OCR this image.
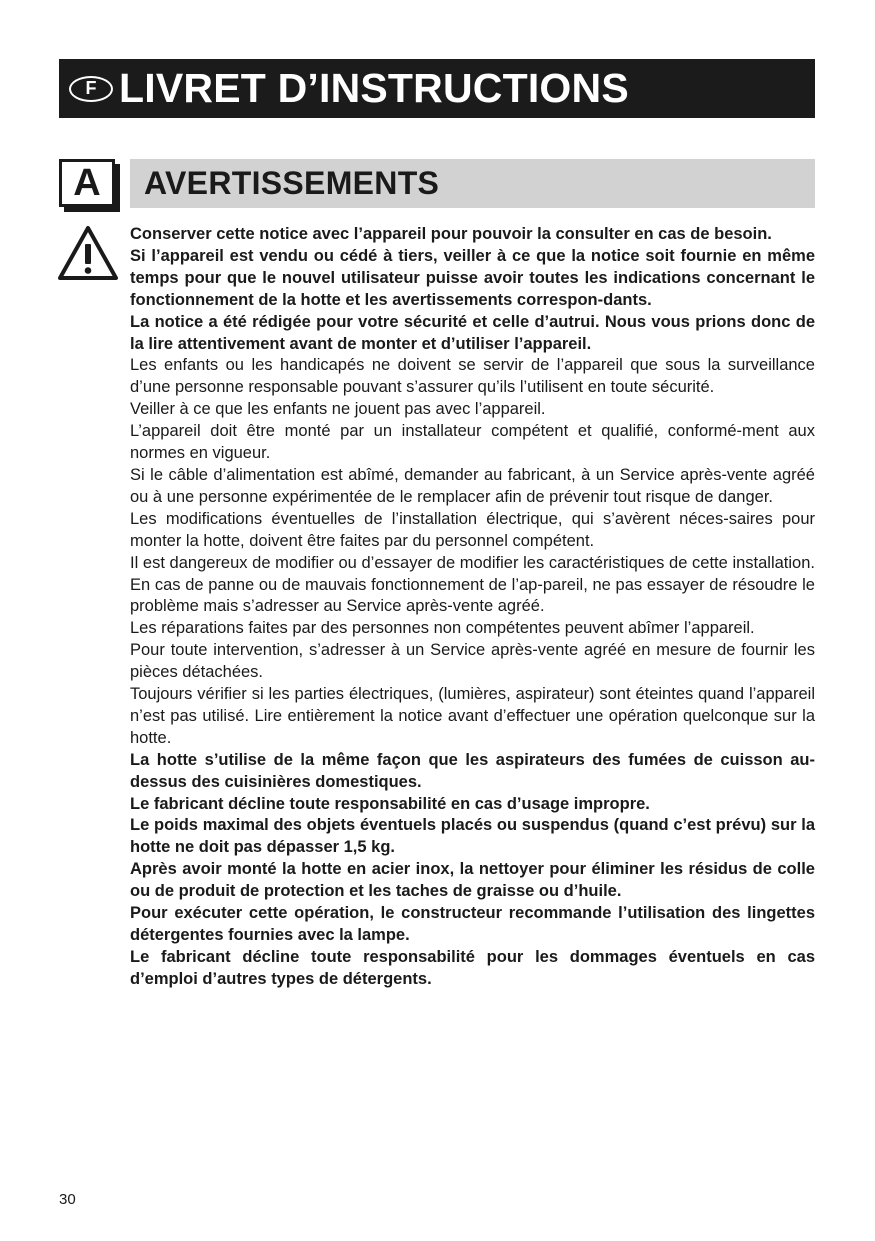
F LIVRET D’INSTRUCTIONS
A	AVERTISSEMENTS

Conserver cette notice avec l’appareil pour pouvoir la consulter en cas de besoin.

Si l’appareil est vendu ou cédé à tiers, veiller à ce que la notice soit fournie en même temps pour que le nouvel utilisateur puisse avoir toutes les indications concernant le fonctionnement de la hotte et les avertissements correspon-dants.

La notice a été rédigée pour votre sécurité et celle d’autrui. Nous vous prions donc de la lire attentivement avant de monter et d’utiliser l’appareil.

Les enfants ou les handicapés ne doivent se servir de l’appareil que sous la surveillance d’une personne responsable pouvant s’assurer qu’ils l’utilisent en toute sécurité.

Veiller à ce que les enfants ne jouent pas avec l’appareil.

L’appareil doit être monté par un installateur compétent et qualifié, conformé-ment aux normes en vigueur.

Si le câble d’alimentation est abîmé, demander au fabricant, à un Service après-vente agréé ou à une personne expérimentée de le remplacer afin de prévenir tout risque de danger.

Les modifications éventuelles de l’installation électrique, qui s’avèrent néces-saires pour monter la hotte, doivent être faites par du personnel compétent.

Il est dangereux de modifier ou d’essayer de modifier les caractéristiques de cette installation. En cas de panne ou de mauvais fonctionnement de l’ap-pareil, ne pas essayer de résoudre le problème mais s’adresser au Service après-vente agréé.

Les réparations faites par des personnes non compétentes peuvent abîmer l’appareil.

Pour toute intervention, s’adresser à un Service après-vente agréé en mesure de fournir les pièces détachées.

Toujours vérifier si les parties électriques, (lumières, aspirateur) sont éteintes quand l’appareil n’est pas utilisé. Lire entièrement la notice avant d’effectuer une opération quelconque sur la hotte.

La hotte s’utilise de la même façon que les aspirateurs des fumées de cuisson au-dessus des cuisinières domestiques.

Le fabricant décline toute responsabilité en cas d’usage impropre.

Le poids maximal des objets éventuels placés ou suspendus (quand c’est prévu) sur la hotte ne doit pas dépasser 1,5 kg.

Après avoir monté la hotte en acier inox, la nettoyer pour éliminer les résidus de colle ou de produit de protection et les taches de graisse ou d’huile.

Pour exécuter cette opération, le constructeur recommande l’utilisation des lingettes détergentes fournies avec la lampe.

Le fabricant décline toute responsabilité pour les dommages éventuels en cas d’emploi d’autres types de détergents.

30
